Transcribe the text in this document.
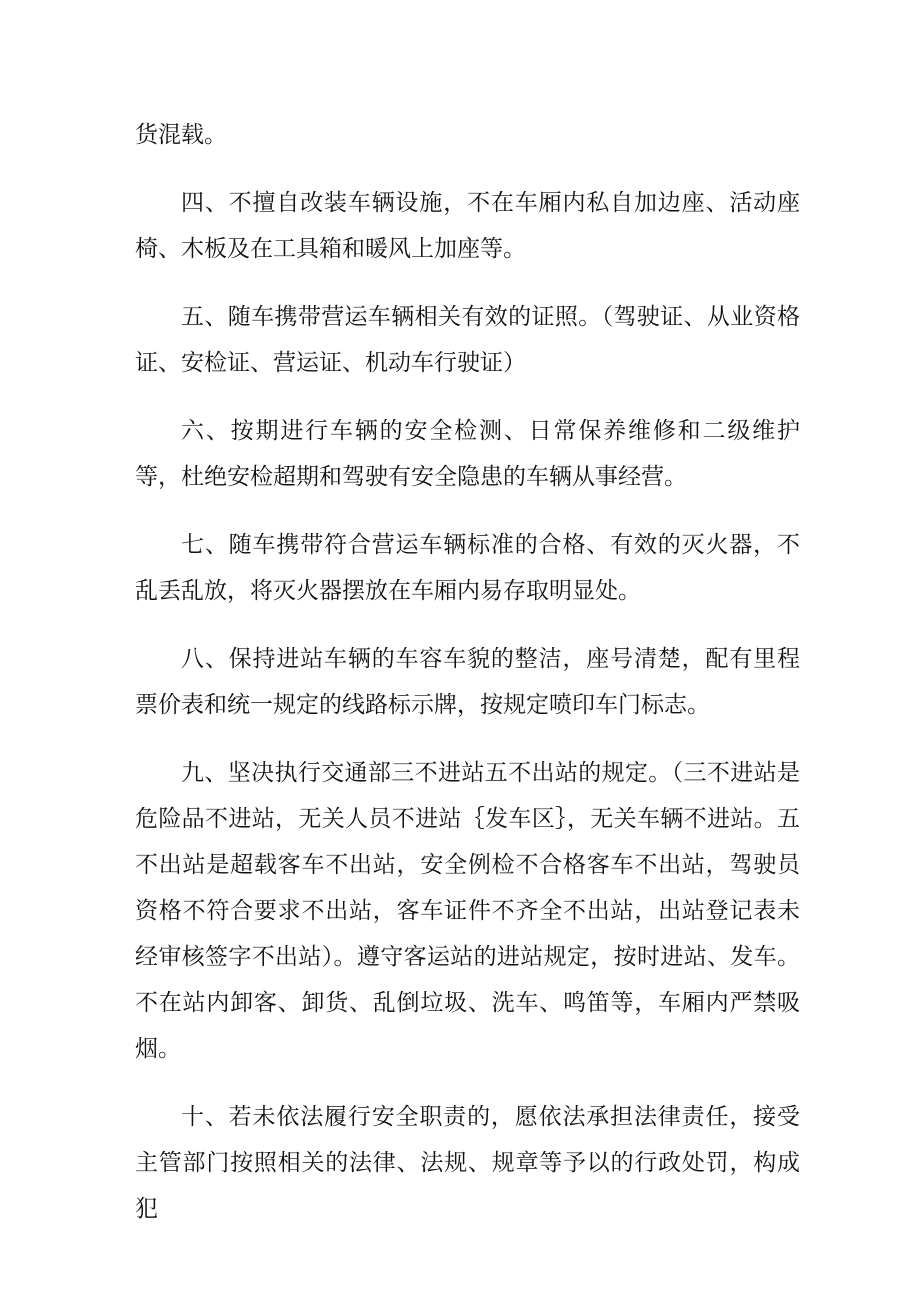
货混载。

四、不擅自改装车辆设施，不在车厢内私自加边座、活动座椅、木板及在工具箱和暖风上加座等。

五、随车携带营运车辆相关有效的证照。（驾驶证、从业资格证、安检证、营运证、机动车行驶证）

六、按期进行车辆的安全检测、日常保养维修和二级维护等，杜绝安检超期和驾驶有安全隐患的车辆从事经营。

七、随车携带符合营运车辆标准的合格、有效的灭火器，不乱丢乱放，将灭火器摆放在车厢内易存取明显处。

八、保持进站车辆的车容车貌的整洁，座号清楚，配有里程票价表和统一规定的线路标示牌，按规定喷印车门标志。

九、坚决执行交通部三不进站五不出站的规定。（三不进站是危险品不进站，无关人员不进站｛发车区｝，无关车辆不进站。五不出站是超载客车不出站，安全例检不合格客车不出站，驾驶员资格不符合要求不出站，客车证件不齐全不出站，出站登记表未经审核签字不出站）。遵守客运站的进站规定，按时进站、发车。不在站内卸客、卸货、乱倒垃圾、洗车、鸣笛等，车厢内严禁吸烟。

十、若未依法履行安全职责的，愿依法承担法律责任，接受主管部门按照相关的法律、法规、规章等予以的行政处罚，构成犯
